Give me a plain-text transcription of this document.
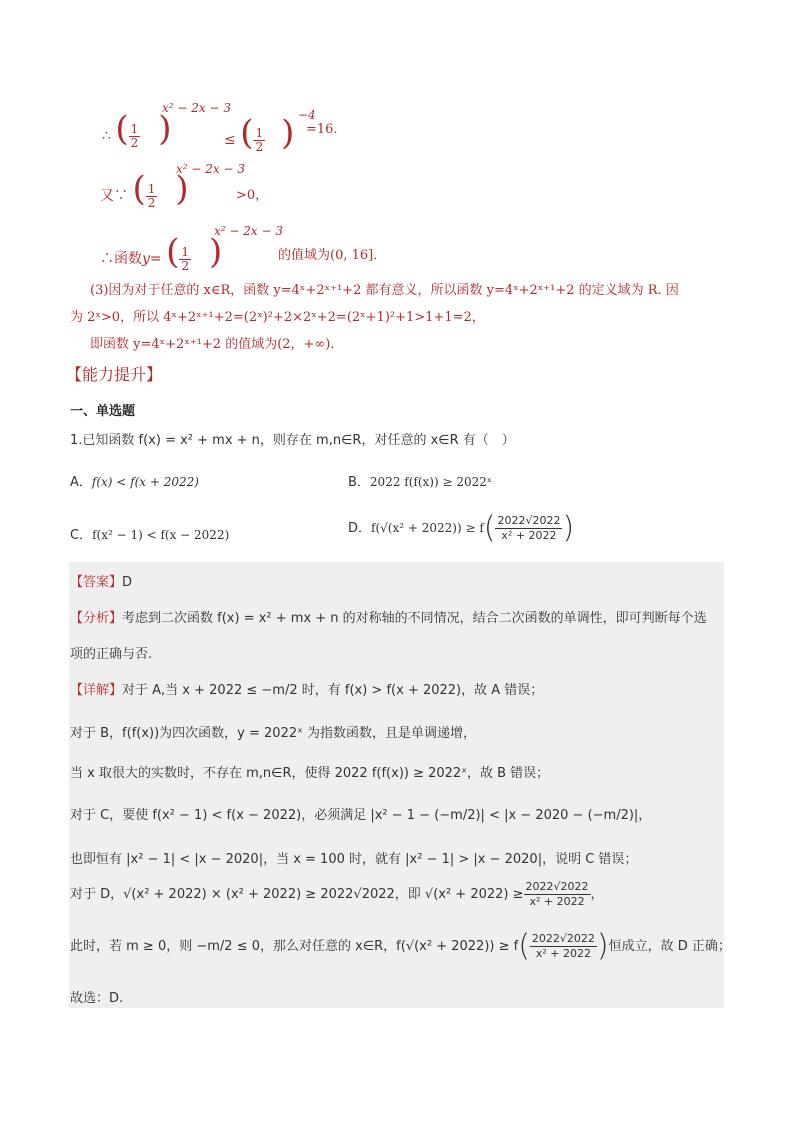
∴ ( $\frac{1}{2}$ )
x² − 2x − 3
≤ ( $\frac{1}{2}$ ) −4
=16.
又∵ ( $\frac{1}{2}$ )
x² − 2x − 3
>0，
∴函数y= ( $\frac{1}{2}$ )
x² − 2x − 3
的值域为(0, 16]．
(3)因为对于任意的 x∈R，函数 y=4ˣ+2ˣ⁺¹+2 都有意义，所以函数 y=4ˣ+2ˣ⁺¹+2 的定义域为 R. 因
为 2ˣ>0，所以 4ˣ+2ˣ⁺¹+2=(2ˣ)²+2×2ˣ+2=(2ˣ+1)²+1>1+1=2，
即函数 y=4ˣ+2ˣ⁺¹+2 的值域为(2，+∞)．
【能力提升】
一、单选题
1.已知函数 f(x) = x² + mx + n，则存在 m,n∈R，对任意的 x∈R 有（　）
A．f(x) < f(x + 2022)	B．2022 f(f(x)) ≥ 2022ˣ
C．f(x² − 1) < f(x − 2022)	D．$f(√(x^2 + 2022)) \ge f( \frac{2022√2022}{\text{x² + 2022}}$ )
【答案】D
【分析】考虑到二次函数 f(x) = x² + mx + n 的对称轴的不同情况，结合二次函数的单调性，即可判断每个选
项的正确与否.
【详解】对于 A,当 x + 2022 ≤ −m/2 时，有 f(x) > f(x + 2022)，故 A 错误；
对于 B，f(f(x))为四次函数，y = 2022ˣ 为指数函数，且是单调递增，
当 x 取很大的实数时，不存在 m,n∈R，使得 2022 f(f(x)) ≥ 2022ˣ，故 B 错误；
对于 C，要使 f(x² − 1) < f(x − 2022)，必须满足 |x² − 1 − (−m/2)| < |x − 2020 − (−m/2)|，
也即恒有 |x² − 1| < |x − 2020|，当 x = 100 时，就有 |x² − 1| > |x − 2020|，说明 C 错误；
对于 D，√(x² + 2022) × (x² + 2022) ≥ 2022√2022，即 $√(x^2 + 2022) \ge \frac{2022√2022}{\text{x² + 2022}}$ ，
此时，若 m ≥ 0，则 −m/2 ≤ 0，那么对任意的 x∈R，$f(√(x^2 + 2022)) \ge f( \frac{2022√2022}{\text{x² + 2022}}$ )恒成立，故 D 正确；
故选：D.
